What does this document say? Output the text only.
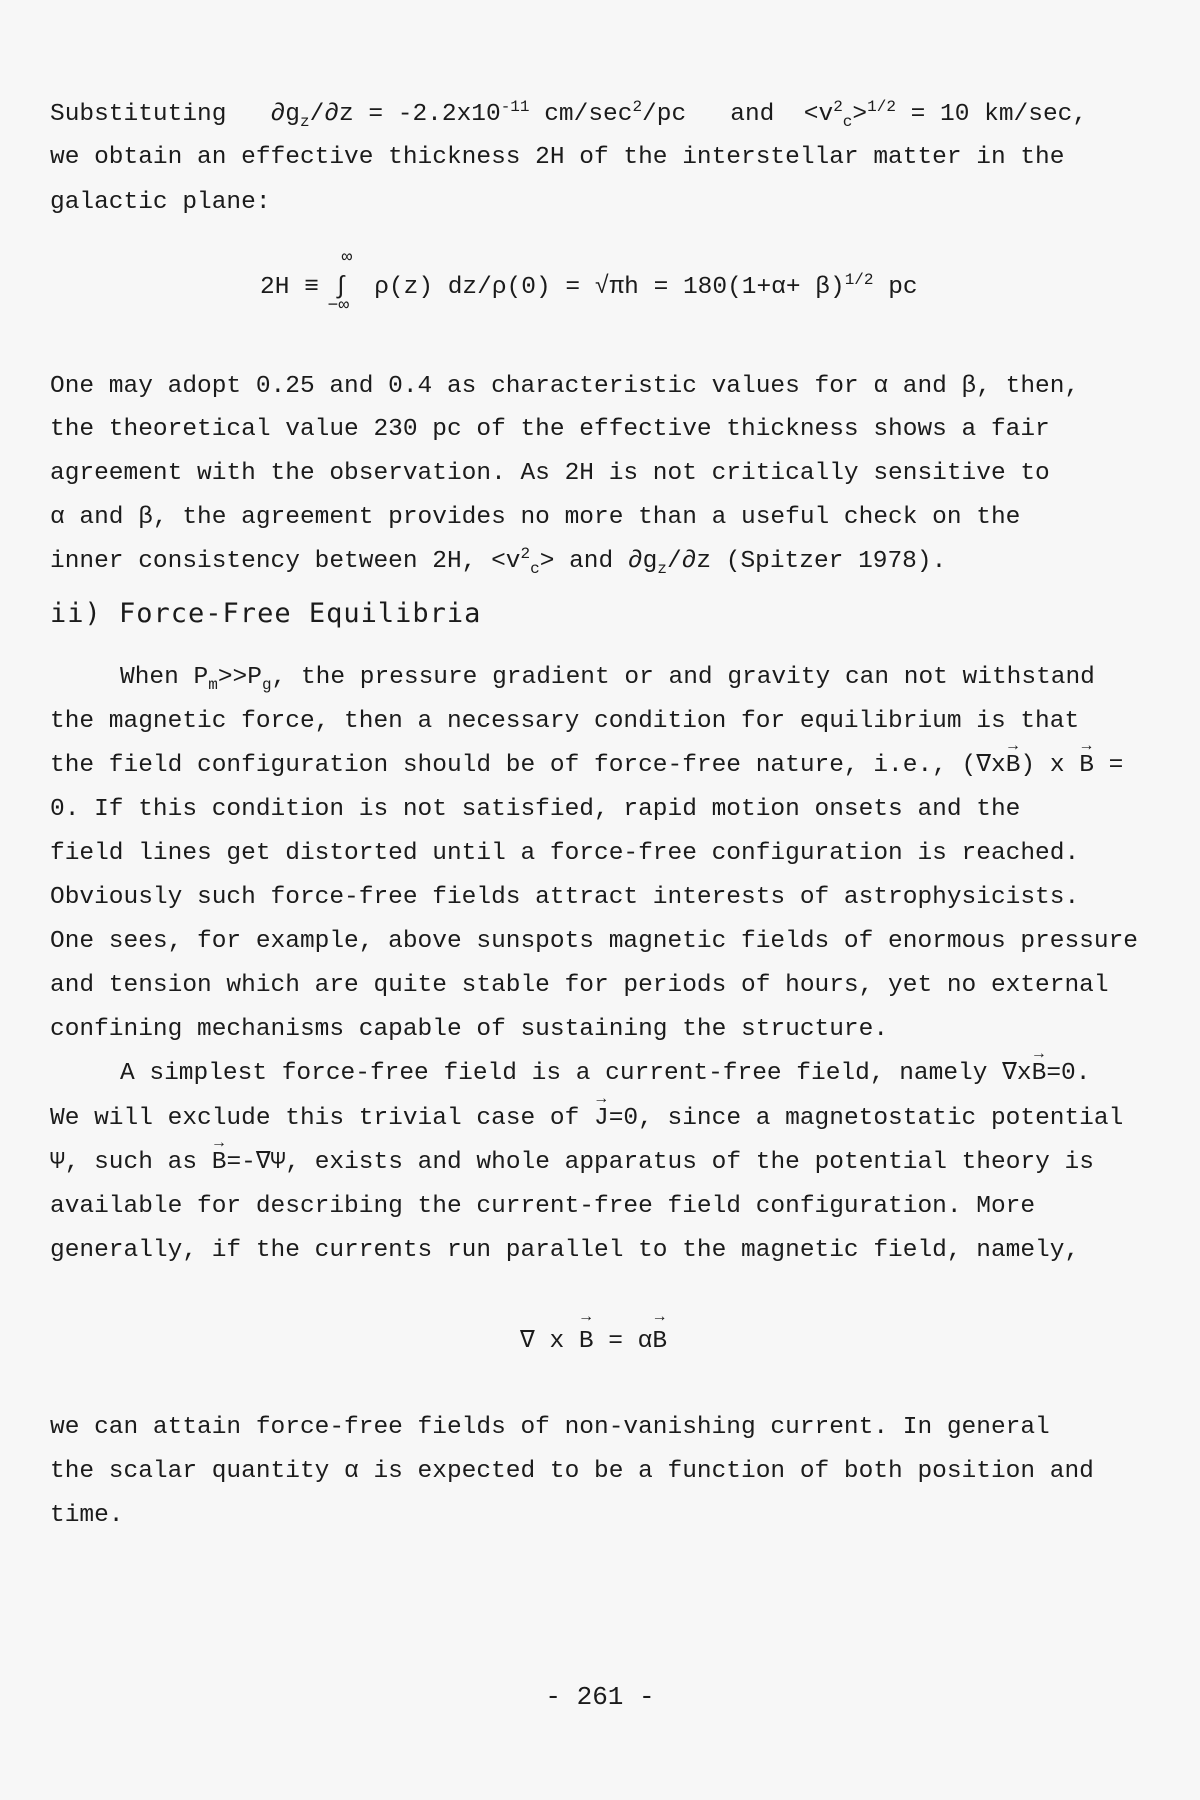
Substituting $\partial g_z/\partial z = -2.2x10^{-11}$ $cm/\sec^2/pc$ and $<v^2_c>^{1/2} = 10$ km/sec,
we obtain an effective thickness 2H of the interstellar matter in the
galactic plane:
2H ≡ ∫
∞
−∞
ρ(z) $dz/\rho(0) = √\pi h = 180(1+\alpha+ \beta)^{1/2}$ pc
One may adopt 0.25 and 0.4 as characteristic values for α and β, then,
the theoretical value 230 pc of the effective thickness shows a fair
agreement with the observation. As 2H is not critically sensitive to
α and β, the agreement provides no more than a useful check on the
inner consistency between 2H, $<v^2_c>$ and $\partial g_z/\partial z$ (Spitzer 1978).
ii) Force-Free Equilibria
When $P_m>>P_g$, the pressure gradient or and gravity can not withstand
the magnetic force, then a necessary condition for equilibrium is that
the field configuration should be of force-free nature, i.e., (∇x→ B) x → B =
0. If this condition is not satisfied, rapid motion onsets and the
field lines get distorted until a force-free configuration is reached.
Obviously such force-free fields attract interests of astrophysicists.
One sees, for example, above sunspots magnetic fields of enormous pressure
and tension which are quite stable for periods of hours, yet no external
confining mechanisms capable of sustaining the structure.
A simplest force-free field is a current-free field, namely ∇x→ B=0.
We will exclude this trivial case of → J=0, since a magnetostatic potential
Ψ, such as → B=-∇Ψ, exists and whole apparatus of the potential theory is
available for describing the current-free field configuration. More
generally, if the currents run parallel to the magnetic field, namely,
∇ x → B = α→ B
we can attain force-free fields of non-vanishing current. In general
the scalar quantity α is expected to be a function of both position and
time.
- 261 -
